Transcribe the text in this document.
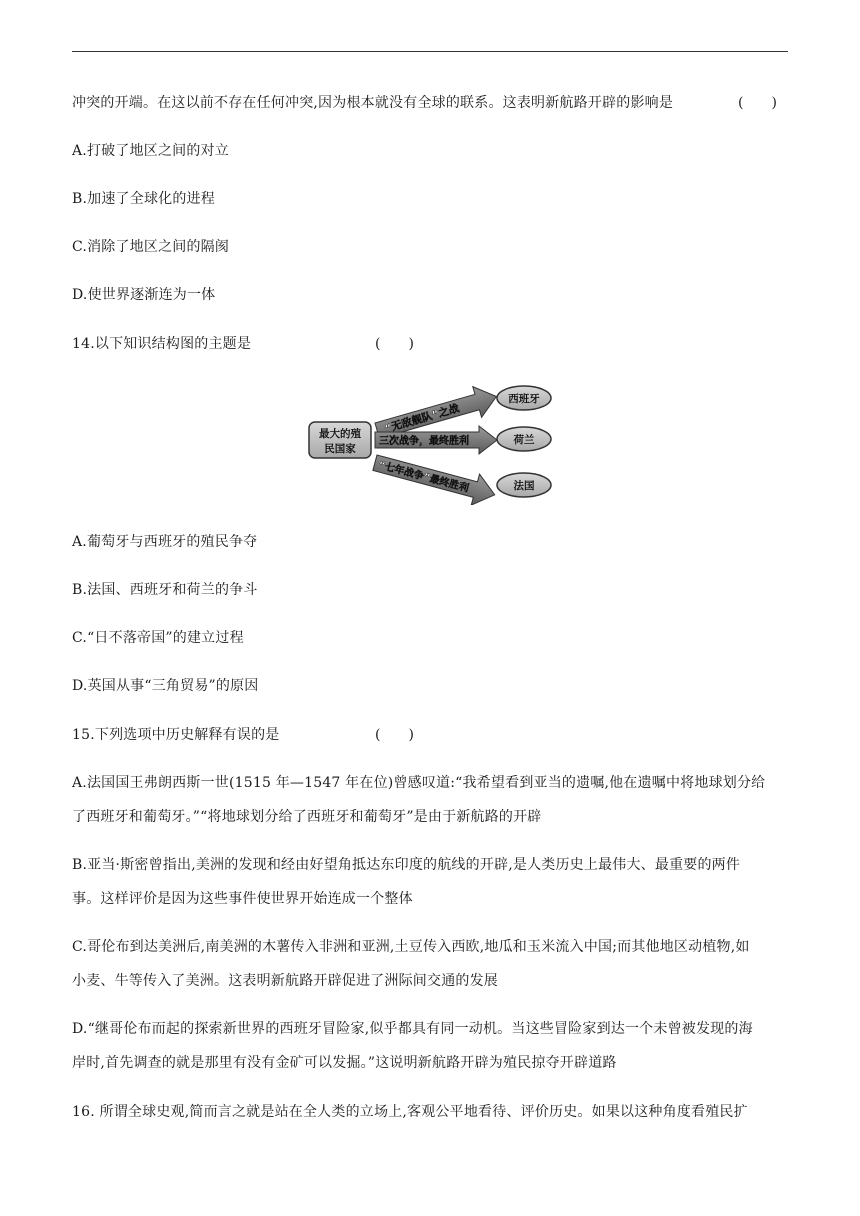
冲突的开端。在这以前不存在任何冲突,因为根本就没有全球的联系。这表明新航路开辟的影响是	(　　)
A.打破了地区之间的对立
B.加速了全球化的进程
C.消除了地区之间的隔阂
D.使世界逐渐连为一体
14.以下知识结构图的主题是	(　　)
最大的殖
民国家
“无敌舰队”之战
三次战争，最终胜利
“七年战争”最终胜利
西班牙
荷兰
法国
A.葡萄牙与西班牙的殖民争夺
B.法国、西班牙和荷兰的争斗
C.“日不落帝国”的建立过程
D.英国从事“三角贸易”的原因
15.下列选项中历史解释有误的是	(　　)
A.法国国王弗朗西斯一世(1515 年—1547 年在位)曾感叹道:“我希望看到亚当的遗嘱,他在遗嘱中将地球划分给
了西班牙和葡萄牙。”“将地球划分给了西班牙和葡萄牙”是由于新航路的开辟
B.亚当·斯密曾指出,美洲的发现和经由好望角抵达东印度的航线的开辟,是人类历史上最伟大、最重要的两件
事。这样评价是因为这些事件使世界开始连成一个整体
C.哥伦布到达美洲后,南美洲的木薯传入非洲和亚洲,土豆传入西欧,地瓜和玉米流入中国;而其他地区动植物,如
小麦、牛等传入了美洲。这表明新航路开辟促进了洲际间交通的发展
D.“继哥伦布而起的探索新世界的西班牙冒险家,似乎都具有同一动机。当这些冒险家到达一个未曾被发现的海
岸时,首先调查的就是那里有没有金矿可以发掘。”这说明新航路开辟为殖民掠夺开辟道路
16. 所谓全球史观,简而言之就是站在全人类的立场上,客观公平地看待、评价历史。如果以这种角度看殖民扩
